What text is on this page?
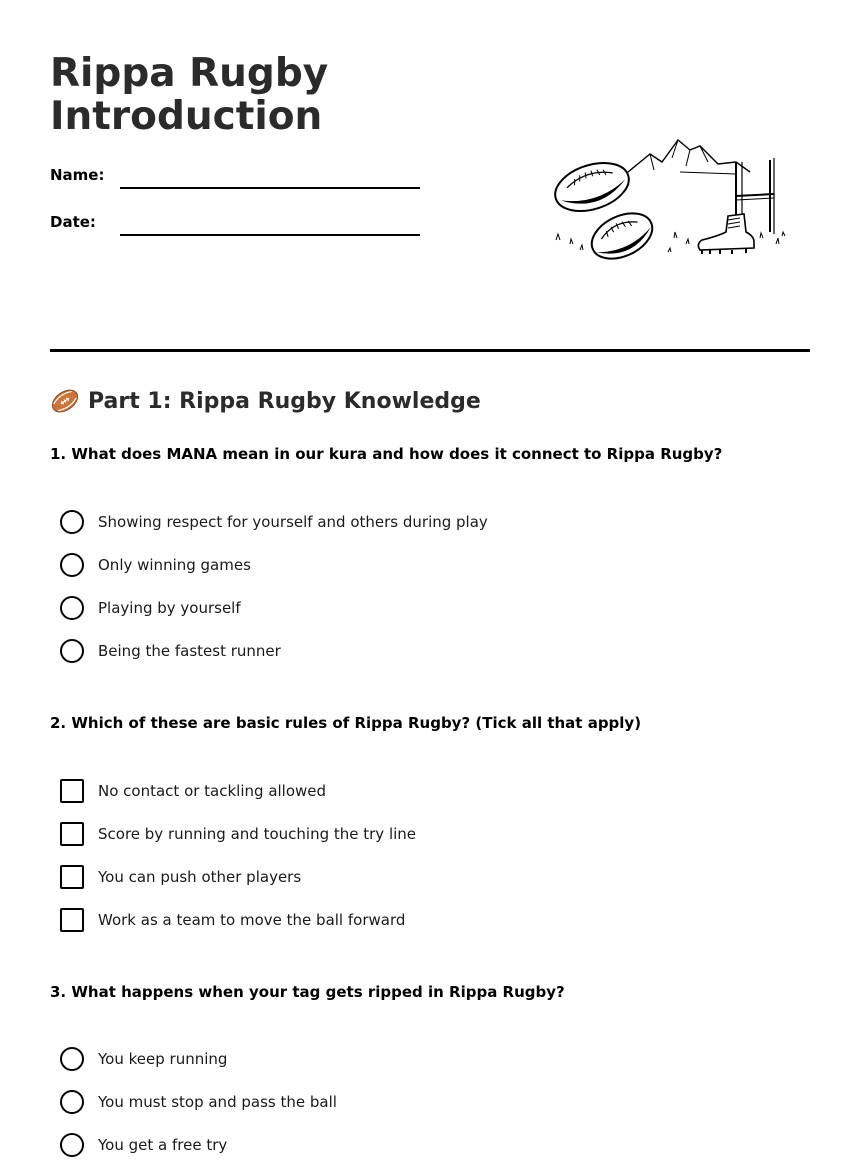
Rippa Rugby
Introduction
Name:
Date:
Part 1: Rippa Rugby Knowledge

1. What does MANA mean in our kura and how does it connect to Rippa Rugby?

Showing respect for yourself and others during play
Only winning games
Playing by yourself
Being the fastest runner

2. Which of these are basic rules of Rippa Rugby? (Tick all that apply)

No contact or tackling allowed
Score by running and touching the try line
You can push other players
Work as a team to move the ball forward

3. What happens when your tag gets ripped in Rippa Rugby?

You keep running
You must stop and pass the ball
You get a free try
